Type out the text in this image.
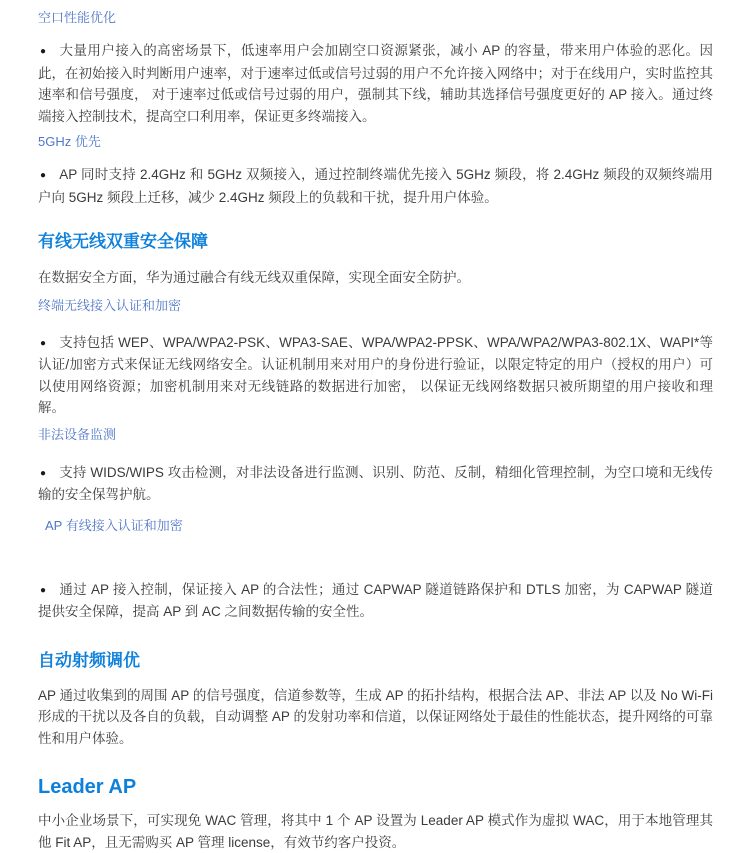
空口性能优化

● 大量用户接入的高密场景下，低速率用户会加剧空口资源紧张，减小 AP 的容量，带来用户体验的恶化。因此，在初始接入时判断用户速率，对于速率过低或信号过弱的用户不允许接入网络中；对于在线用户，实时监控其速率和信号强度， 对于速率过低或信号过弱的用户，强制其下线，辅助其选择信号强度更好的 AP 接入。通过终端接入控制技术，提高空口利用率，保证更多终端接入。

5GHz 优先

● AP 同时支持 2.4GHz 和 5GHz 双频接入，通过控制终端优先接入 5GHz 频段，将 2.4GHz 频段的双频终端用户向 5GHz 频段上迁移，减少 2.4GHz 频段上的负载和干扰，提升用户体验。

有线无线双重安全保障

在数据安全方面，华为通过融合有线无线双重保障，实现全面安全防护。

终端无线接入认证和加密

● 支持包括 WEP、WPA/WPA2-PSK、WPA3-SAE、WPA/WPA2-PPSK、WPA/WPA2/WPA3-802.1X、WAPI*等认证/加密方式来保证无线网络安全。认证机制用来对用户的身份进行验证，以限定特定的用户（授权的用户）可以使用网络资源；加密机制用来对无线链路的数据进行加密， 以保证无线网络数据只被所期望的用户接收和理解。

非法设备监测

● 支持 WIDS/WIPS 攻击检测，对非法设备进行监测、识别、防范、反制，精细化管理控制，为空口境和无线传输的安全保驾护航。

AP 有线接入认证和加密

● 通过 AP 接入控制，保证接入 AP 的合法性；通过 CAPWAP 隧道链路保护和 DTLS 加密，为 CAPWAP 隧道提供安全保障，提高 AP 到 AC 之间数据传输的安全性。

自动射频调优

AP 通过收集到的周围 AP 的信号强度，信道参数等，生成 AP 的拓扑结构，根据合法 AP、非法 AP 以及 No Wi-Fi 形成的干扰以及各自的负载，自动调整 AP 的发射功率和信道，以保证网络处于最佳的性能状态，提升网络的可靠性和用户体验。

Leader AP

中小企业场景下，可实现免 WAC 管理，将其中 1 个 AP 设置为 Leader AP 模式作为虚拟 WAC，用于本地管理其他 Fit AP，且无需购买 AP 管理 license，有效节约客户投资。
